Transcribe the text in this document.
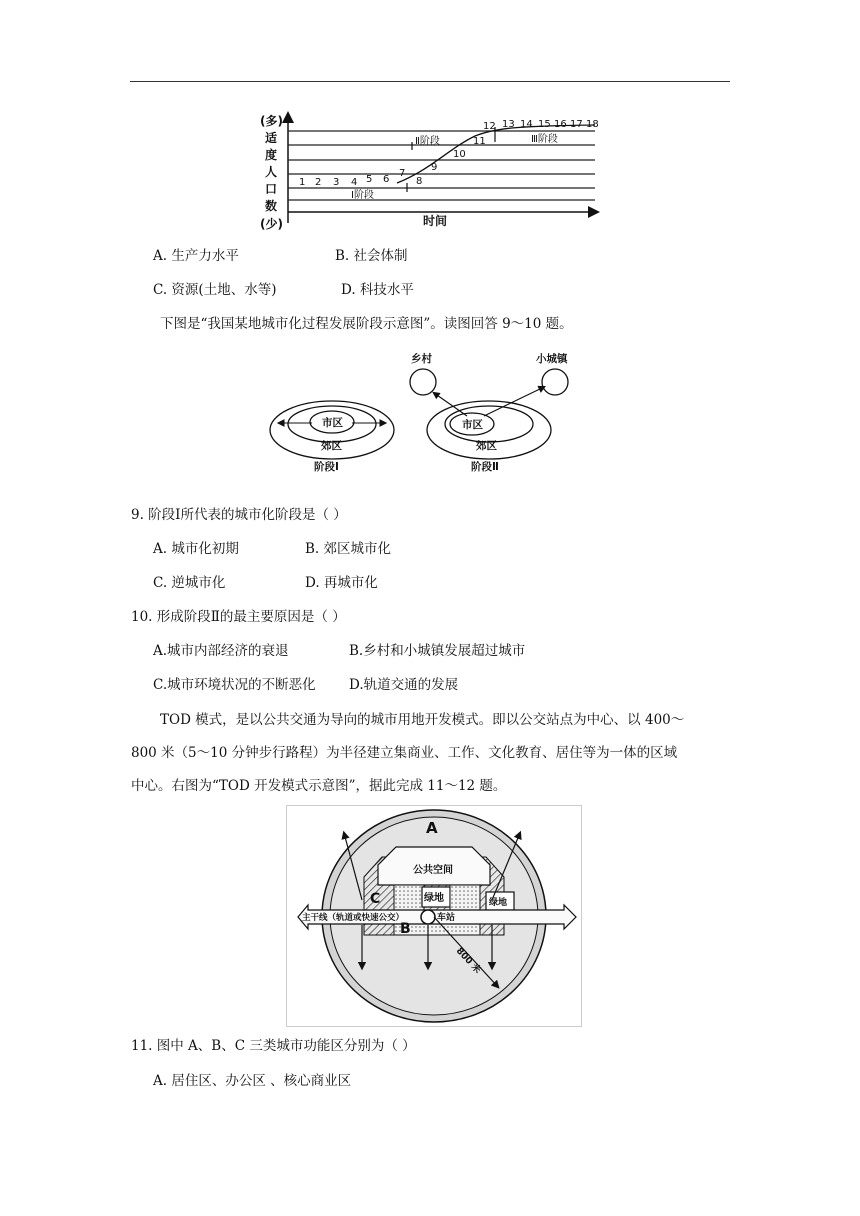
(多)
适
度
人
口
数
(少)	时间
1 2 3 4 5 6
7
8
9
10
11
12 13 14 15 16 17 18
Ⅰ阶段
Ⅱ阶段	Ⅲ阶段
A. 生产力水平	B. 社会体制
C. 资源(土地、水等)	D. 科技水平
下图是“我国某地城市化过程发展阶段示意图”。读图回答 9～10 题。
乡村	小城镇
市区
郊区
阶段Ⅰ
市区
郊区
阶段Ⅱ
9. 阶段Ⅰ所代表的城市化阶段是（ ）
A. 城市化初期	B. 郊区城市化
C. 逆城市化	D. 再城市化
10. 形成阶段Ⅱ的最主要原因是（ ）
A.城市内部经济的衰退	B.乡村和小城镇发展超过城市
C.城市环境状况的不断恶化 D.轨道交通的发展
TOD 模式，是以公共交通为导向的城市用地开发模式。即以公交站点为中心、以 400～
800 米（5～10 分钟步行路程）为半径建立集商业、工作、文化教育、居住等为一体的区域
中心。右图为“TOD 开发模式示意图”，据此完成 11～12 题。
A
公共空间
绿地	绿地
C
B
主干线（轨道或快速公交）	车站
800 米
11. 图中 A、B、C 三类城市功能区分别为（ ）
A. 居住区、办公区 、核心商业区
